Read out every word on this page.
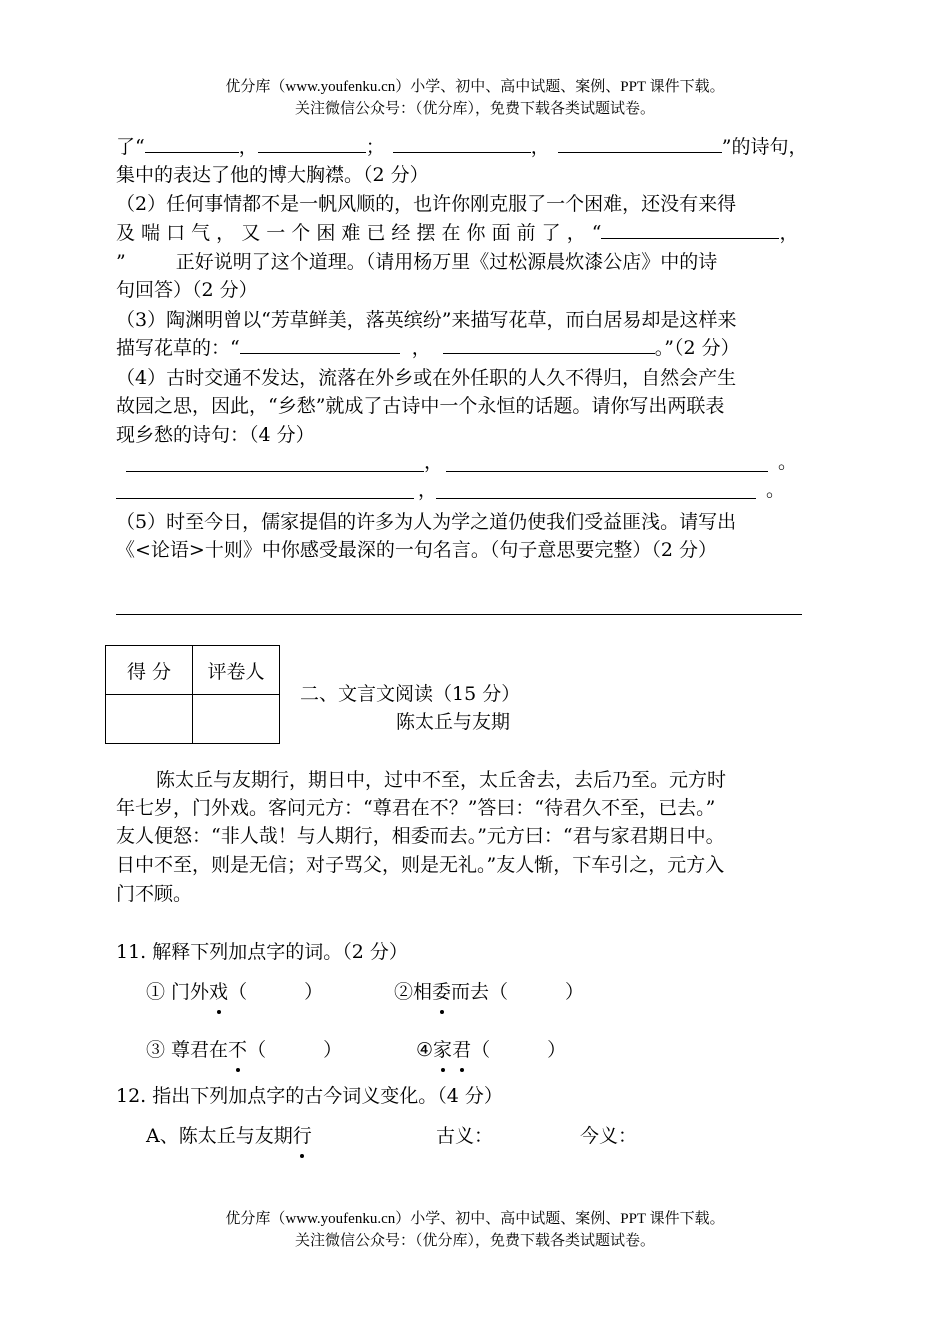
优分库（www.youfenku.cn）小学、初中、高中试题、案例、PPT 课件下载。
关注微信公众号：（优分库），免费下载各类试题试卷。
了“	，	；	，	”的诗句，
集中的表达了他的博大胸襟。（2 分）
（2）任何事情都不是一帆风顺的，也许你刚克服了一个困难，还没有来得
及 喘 口 气 ， 又 一 个 困 难 已 经 摆 在 你 面 前 了 ， “	，
”	正好说明了这个道理。（请用杨万里《过松源晨炊漆公店》中的诗
句回答）（2 分）
（3）陶渊明曾以“芳草鲜美，落英缤纷”来描写花草，而白居易却是这样来
描写花草的：“	，	。”（2 分）
（4）古时交通不发达，流落在外乡或在外任职的人久不得归，自然会产生
故园之思，因此，“乡愁”就成了古诗中一个永恒的话题。请你写出两联表
现乡愁的诗句：（4 分）
，	。
，	。
（5）时至今日，儒家提倡的许多为人为学之道仍使我们受益匪浅。请写出
《<论语>十则》中你感受最深的一句名言。（句子意思要完整）（2 分）
得 分	评卷人

二、文言文阅读（15 分）
陈太丘与友期
陈太丘与友期行，期日中，过中不至，太丘舍去，去后乃至。元方时
年七岁，门外戏。客问元方：“尊君在不？”答曰：“待君久不至，已去。”
友人便怒：“非人哉！与人期行，相委而去。”元方曰：“君与家君期日中。
日中不至，则是无信；对子骂父，则是无礼。”友人惭，下车引之，元方入
门不顾。
11. 解释下列加点字的词。（2 分）
① 门外戏（　　　）	②相委而去（　　　）
③ 尊君在不（　　　）	④家君（　　　）
12. 指出下列加点字的古今词义变化。（4 分）
A、陈太丘与友期行	古义：	今义：
优分库（www.youfenku.cn）小学、初中、高中试题、案例、PPT 课件下载。
关注微信公众号：（优分库），免费下载各类试题试卷。
